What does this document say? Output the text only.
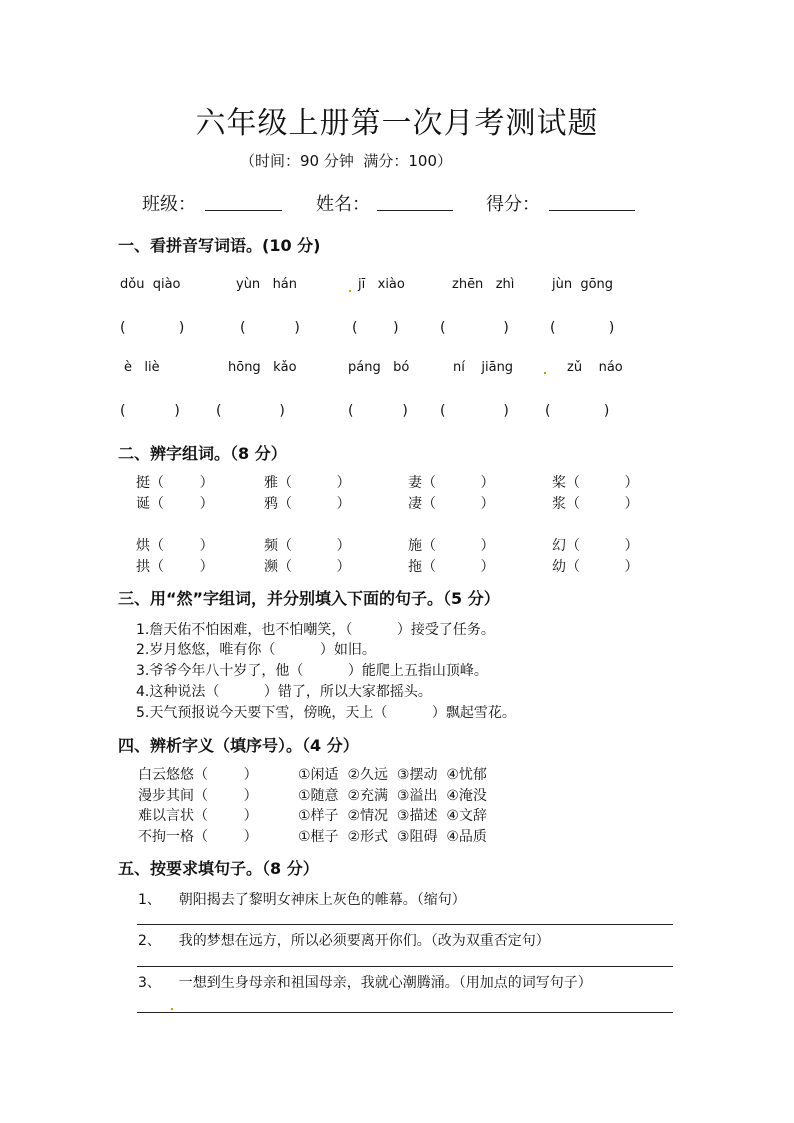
六年级上册第一次月考测试题
（时间：90 分钟  满分：100）
班级：	姓名：	得分：
一、看拼音写词语。(10 分)
dǒu  qiào	yùn   hán	jī   xiào	zhēn   zhì	jùn  gōng
(            )	(           )	(        )	(             )	(            )
è   liè	hōng   kǎo	páng   bó	ní    jiāng	zǔ    náo
(           )	(             )	(           ) (             )	(            )
二、辨字组词。（8 分）
挺（        ）	雅（          ）	妻（          ）	桨（          ）
诞（        ）	鸦（          ）	凄（          ）	浆（          ）
烘（        ）	频（          ）	施（          ）	幻（          ）
拱（        ）	濒（          ）	拖（          ）	幼（          ）
三、用“然”字组词，并分别填入下面的句子。（5 分）
1.詹天佑不怕困难，也不怕嘲笑，（          ）接受了任务。
2.岁月悠悠，唯有你（          ）如旧。
3.爷爷今年八十岁了，他（          ）能爬上五指山顶峰。
4.这种说法（          ）错了，所以大家都摇头。
5.天气预报说今天要下雪，傍晚，天上（          ）飘起雪花。
四、辨析字义（填序号）。（4 分）
白云悠悠（        ）	①闲适  ②久远  ③摆动  ④忧郁
漫步其间（        ）	①随意  ②充满  ③溢出  ④淹没
难以言状（        ）	①样子  ②情况  ③描述  ④文辞
不拘一格（        ）	①框子  ②形式  ③阻碍  ④品质
五、按要求填句子。（8 分）
1、    朝阳揭去了黎明女神床上灰色的帷幕。（缩句）
2、    我的梦想在远方，所以必须要离开你们。（改为双重否定句）
3、    一想到生身母亲和祖国母亲，我就心潮腾涌。（用加点的词写句子）
